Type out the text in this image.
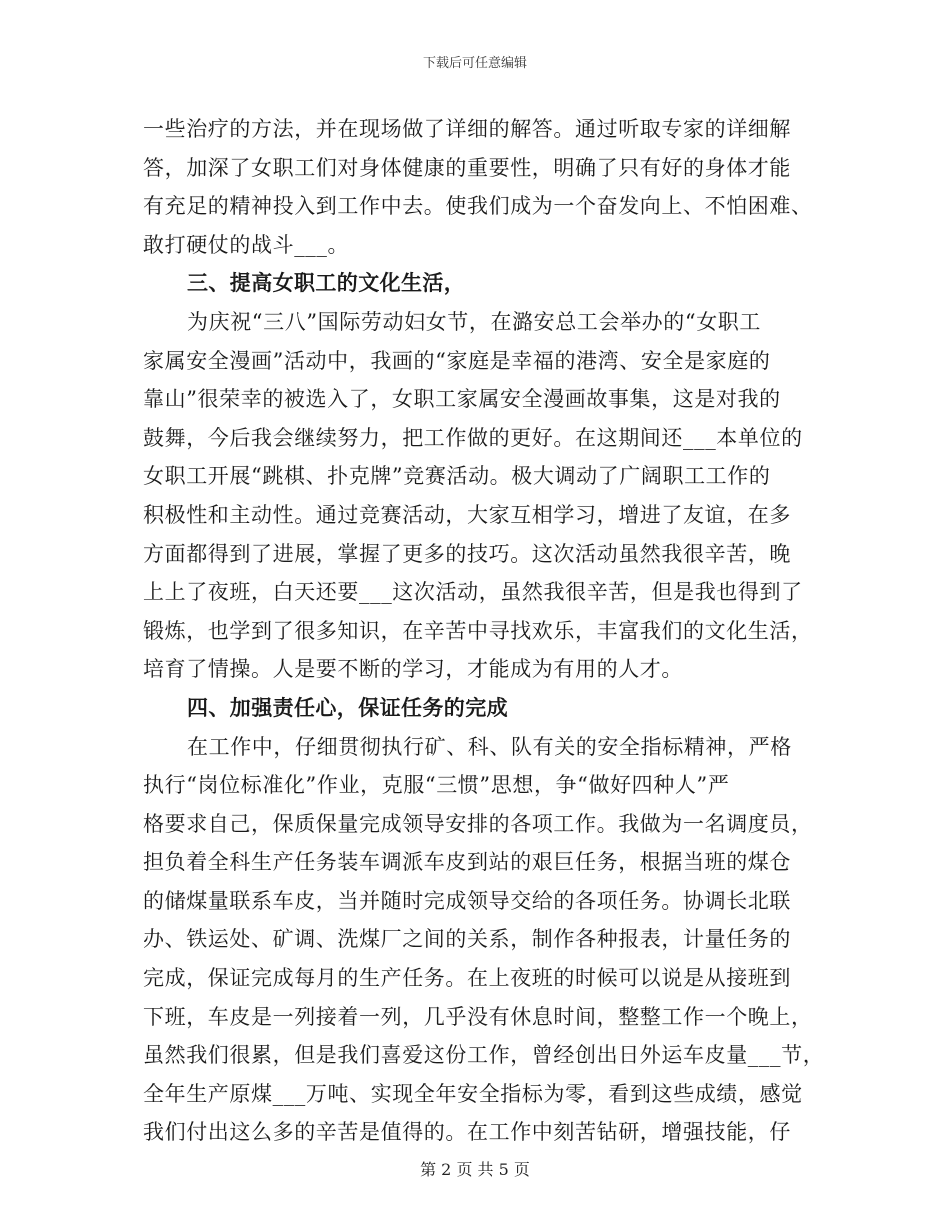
下载后可任意编辑
一些治疗的方法，并在现场做了详细的解答。通过听取专家的详细解
答，加深了女职工们对身体健康的重要性，明确了只有好的身体才能
有充足的精神投入到工作中去。使我们成为一个奋发向上、不怕困难、
敢打硬仗的战斗___。
三、提高女职工的文化生活，
为庆祝“三八”国际劳动妇女节，在潞安总工会举办的“女职工
家属安全漫画”活动中，我画的“家庭是幸福的港湾、安全是家庭的
靠山”很荣幸的被选入了，女职工家属安全漫画故事集，这是对我的
鼓舞，今后我会继续努力，把工作做的更好。在这期间还___本单位的
女职工开展“跳棋、扑克牌”竞赛活动。极大调动了广阔职工工作的
积极性和主动性。通过竞赛活动，大家互相学习，增进了友谊，在多
方面都得到了进展，掌握了更多的技巧。这次活动虽然我很辛苦，晚
上上了夜班，白天还要___这次活动，虽然我很辛苦，但是我也得到了
锻炼，也学到了很多知识，在辛苦中寻找欢乐，丰富我们的文化生活，
培育了情操。人是要不断的学习，才能成为有用的人才。
四、加强责任心，保证任务的完成
在工作中，仔细贯彻执行矿、科、队有关的安全指标精神，严格
执行“岗位标准化”作业，克服“三惯”思想，争“做好四种人”严
格要求自己，保质保量完成领导安排的各项工作。我做为一名调度员，
担负着全科生产任务装车调派车皮到站的艰巨任务，根据当班的煤仓
的储煤量联系车皮，当并随时完成领导交给的各项任务。协调长北联
办、铁运处、矿调、洗煤厂之间的关系，制作各种报表，计量任务的
完成，保证完成每月的生产任务。在上夜班的时候可以说是从接班到
下班，车皮是一列接着一列，几乎没有休息时间，整整工作一个晚上，
虽然我们很累，但是我们喜爱这份工作，曾经创出日外运车皮量___节，
全年生产原煤___万吨、实现全年安全指标为零，看到这些成绩，感觉
我们付出这么多的辛苦是值得的。在工作中刻苦钻研，增强技能，仔
第 2 页 共 5 页
